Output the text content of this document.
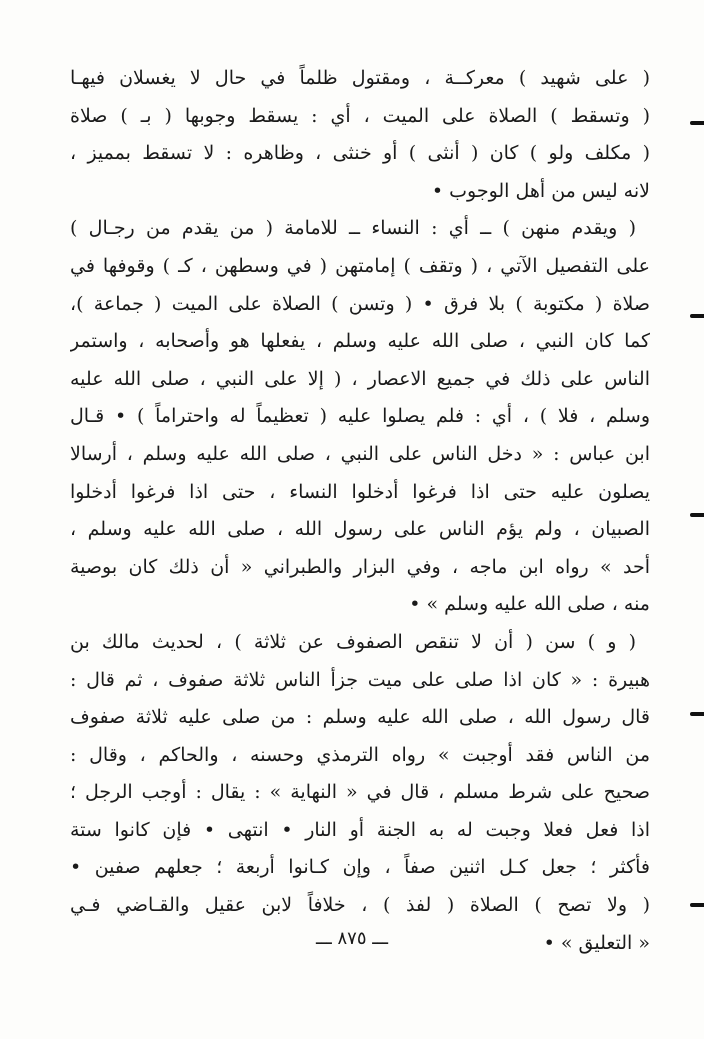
( على شهيد ) معركــة ، ومقتول ظلماً في حال لا يغسلان فيهـا
( وتسقط ) الصلاة على الميت ، أي : يسقط وجوبها ( بـ ) صلاة
( مكلف ولو ) كان ( أنثى ) أو خنثى ، وظاهره : لا تسقط بمميز ،
لانه ليس من أهل الوجوب •
( ويقدم منهن ) ــ أي : النساء ــ للامامة ( من يقدم من رجـال )
على التفصيل الآتي ، ( وتقف ) إمامتهن ( في وسطهن ، كـ ) وقوفها في
صلاة ( مكتوبة ) بلا فرق • ( وتسن ) الصلاة على الميت ( جماعة )،
كما كان النبي ، صلى الله عليه وسلم ، يفعلها هو وأصحابه ، واستمر
الناس على ذلك في جميع الاعصار ، ( إلا على النبي ، صلى الله عليه
وسلم ، فلا ) ، أي : فلم يصلوا عليه ( تعظيماً له واحتراماً ) • قـال
ابن عباس : « دخل الناس على النبي ، صلى الله عليه وسلم ، أرسالا
يصلون عليه حتى اذا فرغوا أدخلوا النساء ، حتى اذا فرغوا أدخلوا
الصبيان ، ولم يؤم الناس على رسول الله ، صلى الله عليه وسلم ،
أحد » رواه ابن ماجه ، وفي البزار والطبراني « أن ذلك كان بوصية
منه ، صلى الله عليه وسلم » •
( و ) سن ( أن لا تنقص الصفوف عن ثلاثة ) ، لحديث مالك بن
هبيرة : « كان اذا صلى على ميت جزأ الناس ثلاثة صفوف ، ثم قال :
قال رسول الله ، صلى الله عليه وسلم : من صلى عليه ثلاثة صفوف
من الناس فقد أوجبت » رواه الترمذي وحسنه ، والحاكم ، وقال :
صحيح على شرط مسلم ، قال في « النهاية » : يقال : أوجب الرجل ؛
اذا فعل فعلا وجبت له به الجنة أو النار • انتهى • فإن كانوا ستة
فأكثر ؛ جعل كـل اثنين صفاً ، وإن كـانوا أربعة ؛ جعلهم صفين •
( ولا تصح ) الصلاة ( لفذ ) ، خلافاً لابن عقيل والقـاضي فـي
« التعليق » •
ـــ ٨٧٥ ـــ
